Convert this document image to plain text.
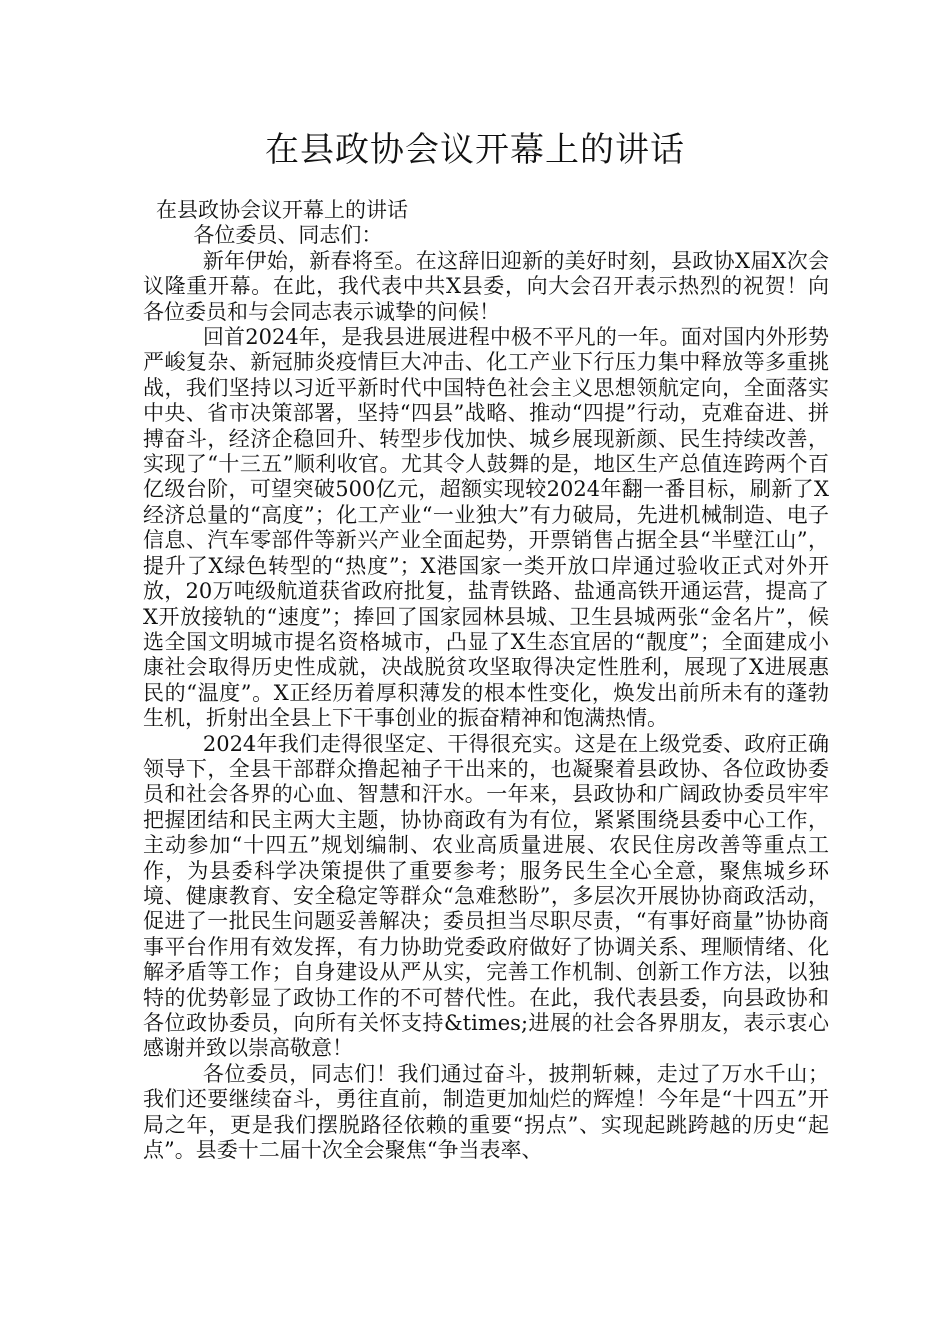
在县政协会议开幕上的讲话

在县政协会议开幕上的讲话

各位委员、同志们：

新年伊始，新春将至。在这辞旧迎新的美好时刻，县政协X届X次会议隆重开幕。在此，我代表中共X县委，向大会召开表示热烈的祝贺！向各位委员和与会同志表示诚挚的问候！

回首2024年，是我县进展进程中极不平凡的一年。面对国内外形势严峻复杂、新冠肺炎疫情巨大冲击、化工产业下行压力集中释放等多重挑战，我们坚持以习近平新时代中国特色社会主义思想领航定向，全面落实中央、省市决策部署，坚持“四县”战略、推动“四提”行动，克难奋进、拼搏奋斗，经济企稳回升、转型步伐加快、城乡展现新颜、民生持续改善，实现了“十三五”顺利收官。尤其令人鼓舞的是，地区生产总值连跨两个百亿级台阶，可望突破500亿元，超额实现较2024年翻一番目标，刷新了X经济总量的“高度”；化工产业“一业独大”有力破局，先进机械制造、电子信息、汽车零部件等新兴产业全面起势，开票销售占据全县“半壁江山”，提升了X绿色转型的“热度”；X港国家一类开放口岸通过验收正式对外开放，20万吨级航道获省政府批复，盐青铁路、盐通高铁开通运营，提高了X开放接轨的“速度”；捧回了国家园林县城、卫生县城两张“金名片”，候选全国文明城市提名资格城市，凸显了X生态宜居的“靓度”；全面建成小康社会取得历史性成就，决战脱贫攻坚取得决定性胜利，展现了X进展惠民的“温度”。X正经历着厚积薄发的根本性变化，焕发出前所未有的蓬勃生机，折射出全县上下干事创业的振奋精神和饱满热情。

2024年我们走得很坚定、干得很充实。这是在上级党委、政府正确领导下，全县干部群众撸起袖子干出来的，也凝聚着县政协、各位政协委员和社会各界的心血、智慧和汗水。一年来，县政协和广阔政协委员牢牢把握团结和民主两大主题，协协商政有为有位，紧紧围绕县委中心工作，主动参加“十四五”规划编制、农业高质量进展、农民住房改善等重点工作，为县委科学决策提供了重要参考；服务民生全心全意，聚焦城乡环境、健康教育、安全稳定等群众“急难愁盼”，多层次开展协协商政活动，促进了一批民生问题妥善解决；委员担当尽职尽责，“有事好商量”协协商事平台作用有效发挥，有力协助党委政府做好了协调关系、理顺情绪、化解矛盾等工作；自身建设从严从实，完善工作机制、创新工作方法，以独特的优势彰显了政协工作的不可替代性。在此，我代表县委，向县政协和各位政协委员，向所有关怀支持&times;进展的社会各界朋友，表示衷心感谢并致以崇高敬意！

各位委员，同志们！我们通过奋斗，披荆斩棘，走过了万水千山；我们还要继续奋斗，勇往直前，制造更加灿烂的辉煌！今年是“十四五”开局之年，更是我们摆脱路径依赖的重要“拐点”、实现起跳跨越的历史“起点”。县委十二届十次全会聚焦“争当表率、
